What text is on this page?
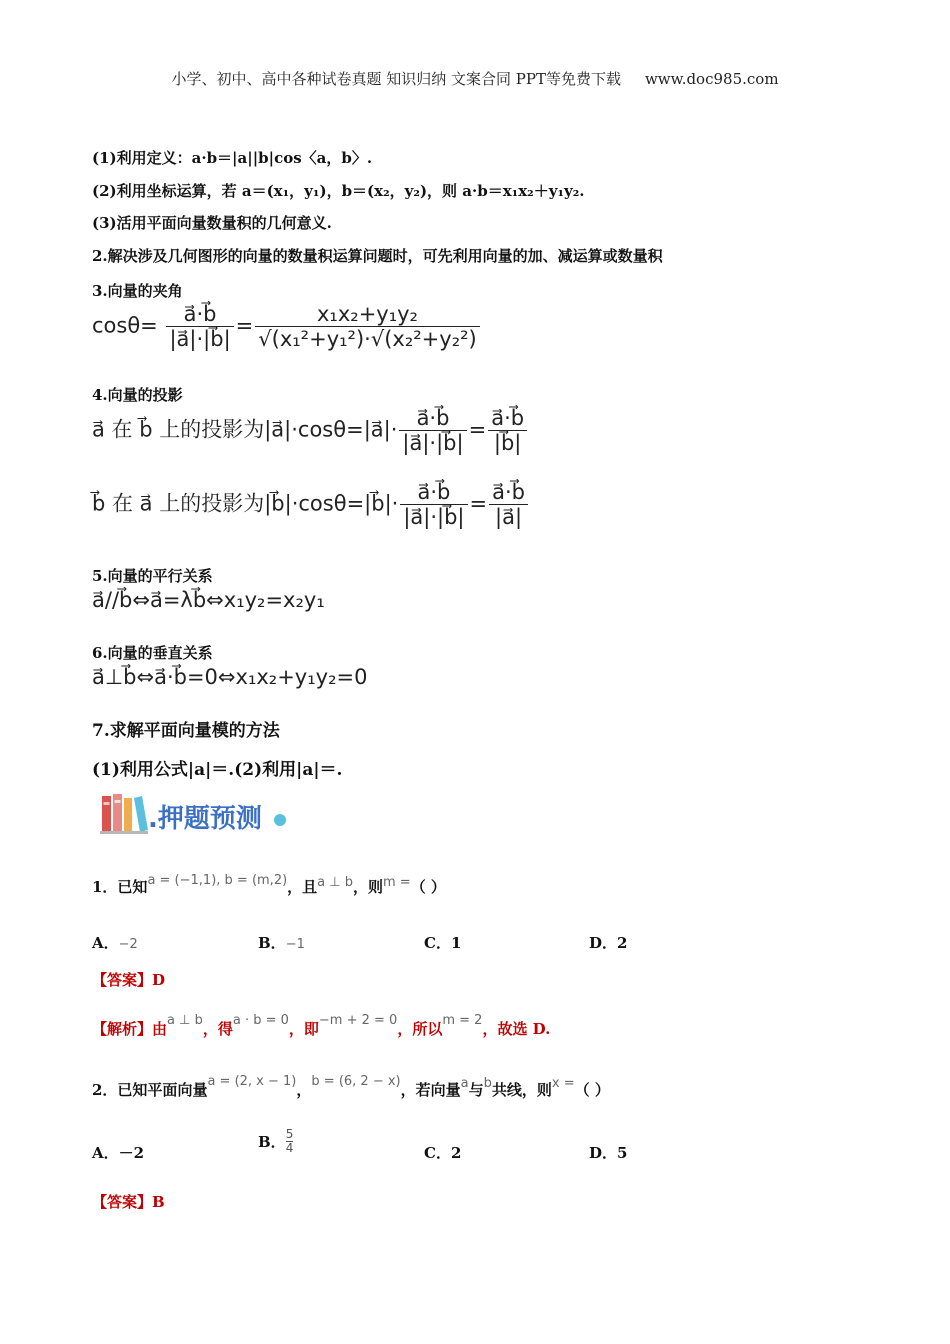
小学、初中、高中各种试卷真题 知识归纳 文案合同 PPT等免费下载 www.doc985.com
(1)利用定义：a·b＝|a||b|cos〈a，b〉.
(2)利用坐标运算，若 a＝(x₁，y₁)，b＝(x₂，y₂)，则 a·b＝x₁x₂＋y₁y₂.
(3)活用平面向量数量积的几何意义.
2.解决涉及几何图形的向量的数量积运算问题时，可先利用向量的加、减运算或数量积
3.向量的夹角
$\cos\theta= \frac{a⃗\cdot b⃗}{|a⃗|\cdot|b⃗|} = \frac{\text{x₁x₂+y₁y₂}}{\text{√(x₁²+y₁²)·√(x₂²+y₂²)}}$
4.向量的投影
a⃗ 在 b⃗ 上的投影为|a⃗|·cosθ=|a⃗|· $\frac{a⃗\cdot b⃗}{|a⃗|\cdot|b⃗|} = \frac{a⃗\cdot b⃗}{|b⃗|}$
b⃗ 在 a⃗ 上的投影为|b⃗|·cosθ=|b⃗|· $\frac{a⃗\cdot b⃗}{|a⃗|\cdot|b⃗|} = \frac{a⃗\cdot b⃗}{|a⃗|}$
5.向量的平行关系
a⃗//b⃗⇔a⃗=λb⃗⇔x₁y₂=x₂y₁
6.向量的垂直关系
a⃗⊥b⃗⇔a⃗·b⃗=0⇔x₁x₂+y₁y₂=0
7.求解平面向量模的方法
(1)利用公式|a|＝.(2)利用|a|＝.
.押题预测
1．已知a = (−1,1), b = (m,2)，且a ⊥ b，则m =（ ）
A．−2	B．−1	C．1	D．2
【答案】D
【解析】由a ⊥ b，得a · b = 0，即−m + 2 = 0，所以m = 2，故选 D.
2．已知平面向量a = (2, x − 1)，b = (6, 2 − x)，若向量a与b共线，则x =（ ）
A．－2
B． $\frac{5}{4}$	C．2	D．5
【答案】B
